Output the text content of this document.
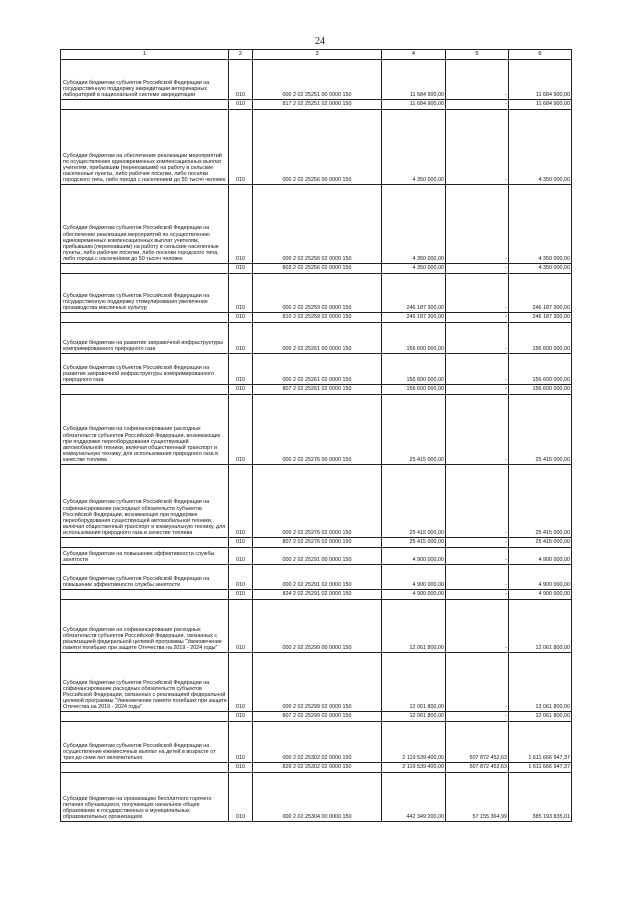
24
1	2	3	4	5	6
Субсидии бюджетам субъектов Российской Федерации на государственную поддержку аккредитации ветеринарных лабораторий в национальной системе аккредитации	010	000 2 02 25251 00 0000 150	11 684 900,00	-	11 684 900,00
	010	817 2 02 25251 02 0000 150	11 684 900,00	-	11 684 900,00
Субсидии бюджетам на обеспечение реализации мероприятий по осуществлению единовременных компенсационных выплат учителям, прибывшим (переехавшим) на работу в сельские населенные пункты, либо рабочие поселки, либо поселки городского типа, либо города с населением до 50 тысяч человек	010	000 2 02 25256 00 0000 150	4 350 000,00	-	4 350 000,00
Субсидии бюджетам субъектов Российской Федерации на обеспечение реализации мероприятий по осуществлению единовременных компенсационных выплат учителям, прибывшим (переехавшим) на работу в сельские населенные пункты, либо рабочие поселки, либо поселки городского типа, либо города с населением до 50 тысяч человек	010	000 2 02 25256 02 0000 150	4 350 000,00	-	4 350 000,00
	010	803 2 02 25256 02 0000 150	4 350 000,00	-	4 350 000,00
Субсидии бюджетам субъектов Российской Федерации на государственную поддержку стимулирования увеличения производства масличных культур	010	000 2 02 25259 02 0000 150	246 187 300,00	-	246 187 300,00
	010	810 2 02 25259 02 0000 150	246 187 300,00	-	246 187 300,00
Субсидии бюджетам на развитие заправочной инфраструктуры компримированного природного газа	010	000 2 02 25261 00 0000 150	156 600 000,00	-	156 600 000,00
Субсидии бюджетам субъектов Российской Федерации на развитие заправочной инфраструктуры компримированного природного газа	010	000 2 02 25261 02 0000 150	156 600 000,00	-	156 600 000,00
	010	807 2 02 25261 02 0000 150	156 600 000,00	-	156 600 000,00
Субсидии бюджетам на софинансирование расходных обязательств субъектов Российской Федерации, возникающих при поддержке переоборудования существующей автомобильной техники, включая общественный транспорт и коммунальную технику, для использования природного газа в качестве топлива	010	000 2 02 25276 00 0000 150	25 415 000,00	-	25 415 000,00
Субсидии бюджетам субъектов Российской Федерации на софинансирование расходных обязательств субъектов Российской Федерации, возникающих при поддержке переоборудования существующей автомобильной техники, включая общественный транспорт и коммунальную технику, для использования природного газа в качестве топлива	010	000 2 02 25276 02 0000 150	25 415 000,00	-	25 415 000,00
	010	807 2 02 25276 02 0000 150	25 415 000,00	-	25 415 000,00
Субсидии бюджетам на повышение эффективности службы занятости	010	000 2 02 25291 00 0000 150	4 900 000,00	-	4 900 000,00
Субсидии бюджетам субъектов Российской Федерации на повышение эффективности службы занятости	010	000 2 02 25291 02 0000 150	4 900 000,00	-	4 900 000,00
	010	824 2 02 25291 02 0000 150	4 900 000,00	-	4 900 000,00
Субсидии бюджетам на софинансирование расходных обязательств субъектов Российской Федерации, связанных с реализацией федеральной целевой программы "Увековечение памяти погибших при защите Отечества на 2019 - 2024 годы"	010	000 2 02 25299 00 0000 150	12 061 800,00	-	12 061 800,00
Субсидии бюджетам субъектов Российской Федерации на софинансирование расходных обязательств субъектов Российской Федерации, связанных с реализацией федеральной целевой программы "Увековечение памяти погибших при защите Отечества на 2019 - 2024 годы"	010	000 2 02 25299 02 0000 150	12 061 800,00	-	12 061 800,00
	010	807 2 02 25299 02 0000 150	12 061 800,00	-	12 061 800,00
Субсидии бюджетам субъектов Российской Федерации на осуществление ежемесячных выплат на детей в возрасте от трех до семи лет включительно	010	000 2 02 25302 02 0000 150	2 119 539 400,00	507 872 452,63	1 611 666 947,37
	010	826 2 02 25302 02 0000 150	2 119 539 400,00	507 872 452,63	1 611 666 947,37
Субсидии бюджетам на организацию бесплатного горячего питания обучающихся, получающих начальное общее образование в государственных и муниципальных образовательных организациях	010	000 2 02 25304 00 0000 150	442 349 200,00	57 155 364,99	385 193 835,01
